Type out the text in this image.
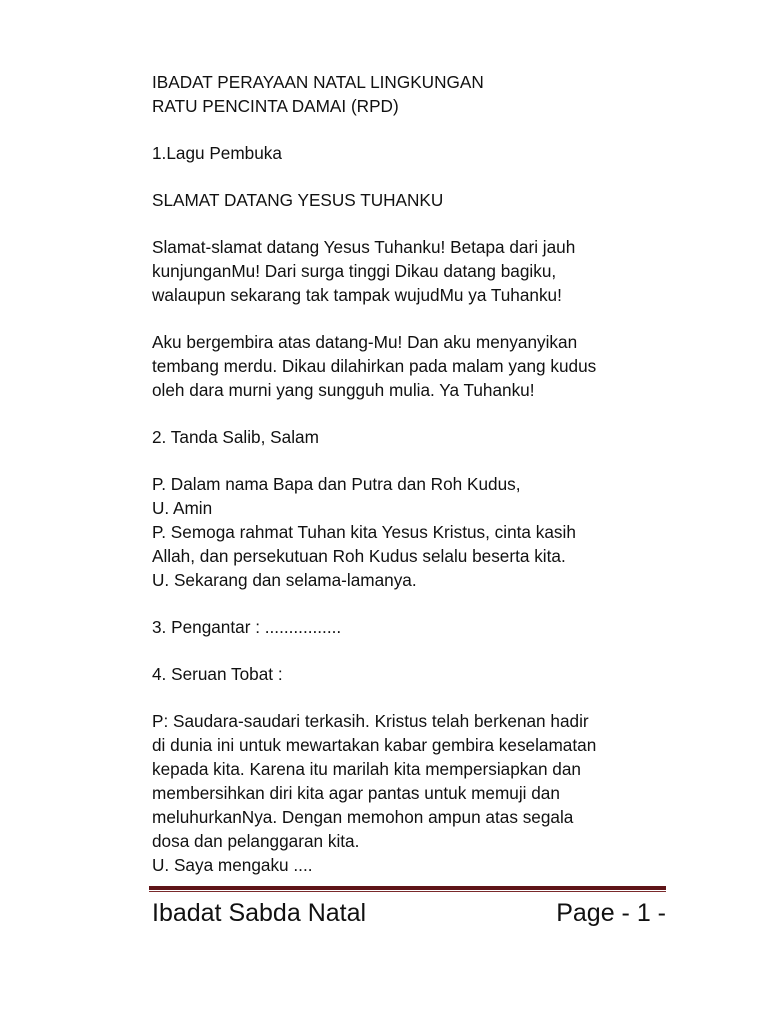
IBADAT PERAYAAN NATAL LINGKUNGAN
RATU PENCINTA DAMAI (RPD)
1.Lagu Pembuka
SLAMAT DATANG YESUS TUHANKU
Slamat-slamat datang Yesus Tuhanku! Betapa dari jauh
kunjunganMu! Dari surga tinggi Dikau datang bagiku,
walaupun sekarang tak tampak wujudMu ya Tuhanku!
Aku bergembira atas datang-Mu! Dan aku menyanyikan
tembang merdu. Dikau dilahirkan pada malam yang kudus
oleh dara murni yang sungguh mulia. Ya Tuhanku!
2. Tanda Salib, Salam
P. Dalam nama Bapa dan Putra dan Roh Kudus,
U. Amin
P. Semoga rahmat Tuhan kita Yesus Kristus, cinta kasih
Allah, dan persekutuan Roh Kudus selalu beserta kita.
U. Sekarang dan selama-lamanya.
3. Pengantar : ................
4. Seruan Tobat :
P: Saudara-saudari terkasih. Kristus telah berkenan hadir
di dunia ini untuk mewartakan kabar gembira keselamatan
kepada kita. Karena itu marilah kita mempersiapkan dan
membersihkan diri kita agar pantas untuk memuji dan
meluhurkanNya. Dengan memohon ampun atas segala
dosa dan pelanggaran kita.
U. Saya mengaku ....
Ibadat Sabda Natal	Page - 1 -
